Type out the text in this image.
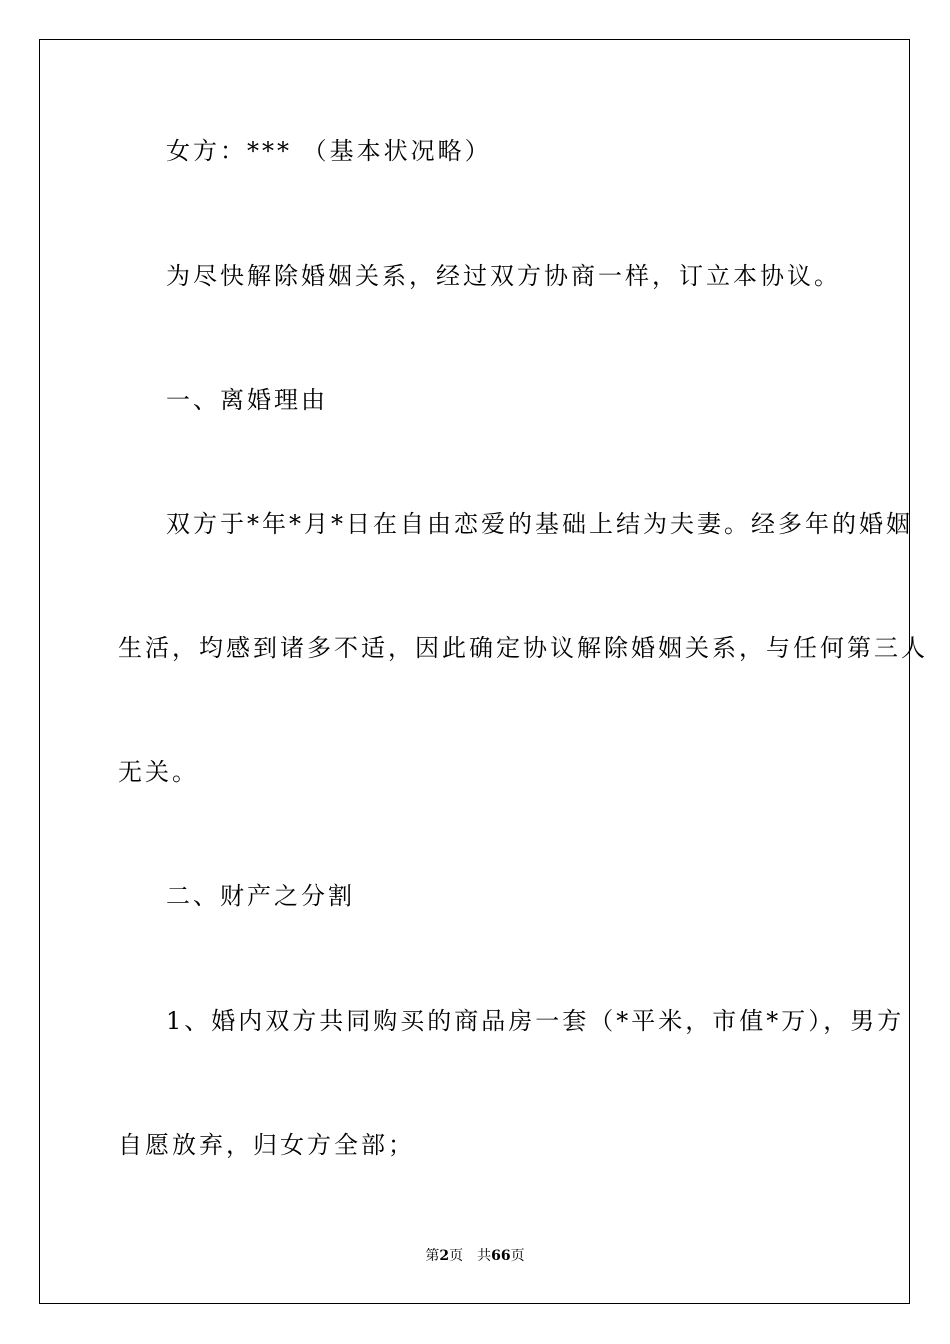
女方：*** （基本状况略）
为尽快解除婚姻关系，经过双方协商一样，订立本协议。
一、离婚理由
双方于*年*月*日在自由恋爱的基础上结为夫妻。经多年的婚姻
生活，均感到诸多不适，因此确定协议解除婚姻关系，与任何第三人
无关。
二、财产之分割
1、婚内双方共同购买的商品房一套（*平米，市值*万），男方
自愿放弃，归女方全部；
第2页 共66页
